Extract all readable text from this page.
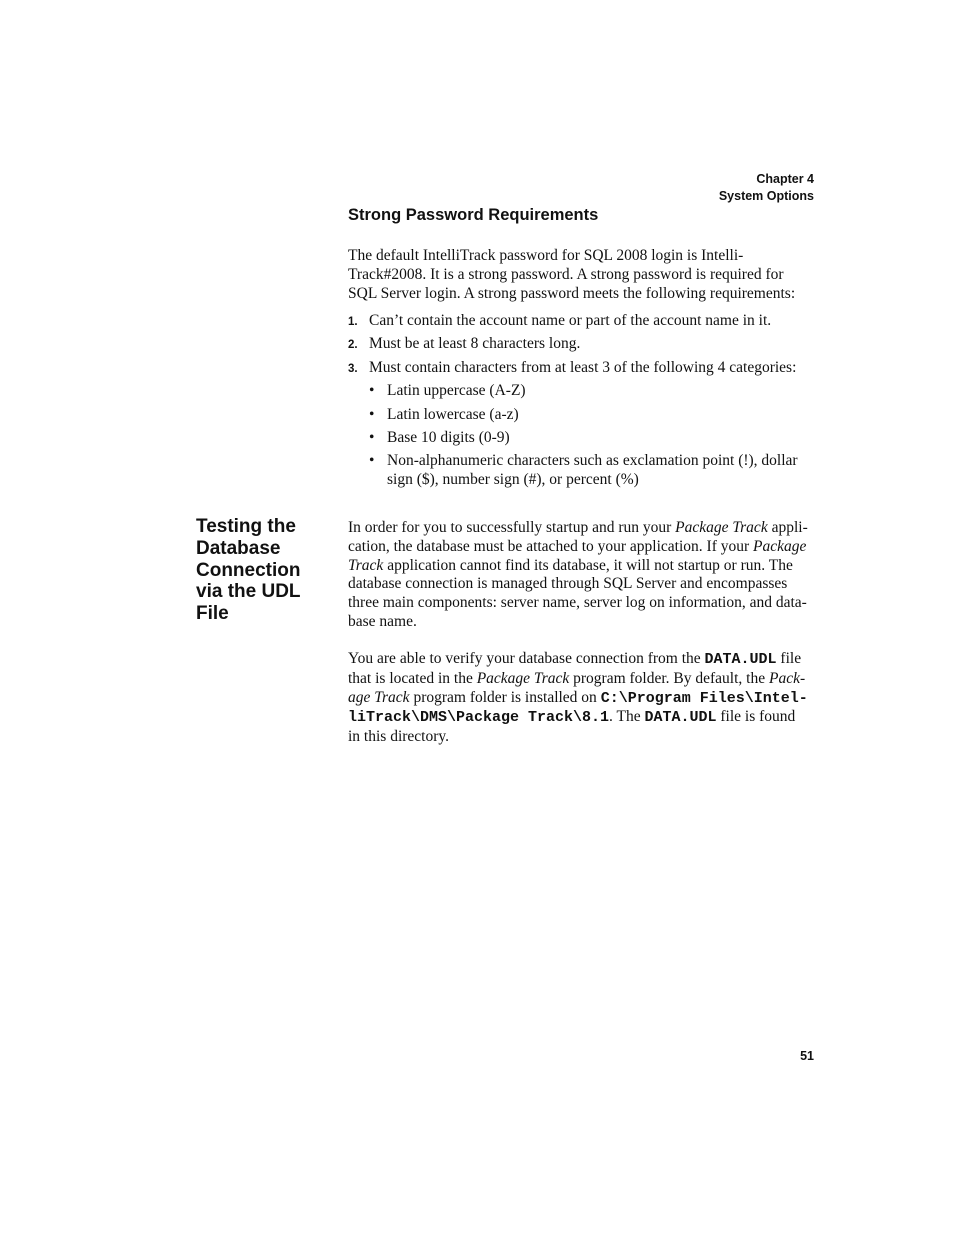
Chapter 4
System Options
Strong Password Requirements
The default IntelliTrack password for SQL 2008 login is Intelli-
Track#2008. It is a strong password. A strong password is required for
SQL Server login. A strong password meets the following requirements:
1. Can’t contain the account name or part of the account name in it.
2. Must be at least 8 characters long.
3. Must contain characters from at least 3 of the following 4 categories:
• Latin uppercase (A-Z)
• Latin lowercase (a-z)
• Base 10 digits (0-9)
• Non-alphanumeric characters such as exclamation point (!), dollar
sign ($), number sign (#), or percent (%)
Testing the
Database
Connection
via the UDL
File
In order for you to successfully startup and run your Package Track appli-
cation, the database must be attached to your application. If your Package
Track application cannot find its database, it will not startup or run. The
database connection is managed through SQL Server and encompasses
three main components: server name, server log on information, and data-
base name.
You are able to verify your database connection from the DATA.UDL file
that is located in the Package Track program folder. By default, the Pack-
age Track program folder is installed on C:\Program Files\Intel-
liTrack\DMS\Package Track\8.1. The DATA.UDL file is found
in this directory.
51
